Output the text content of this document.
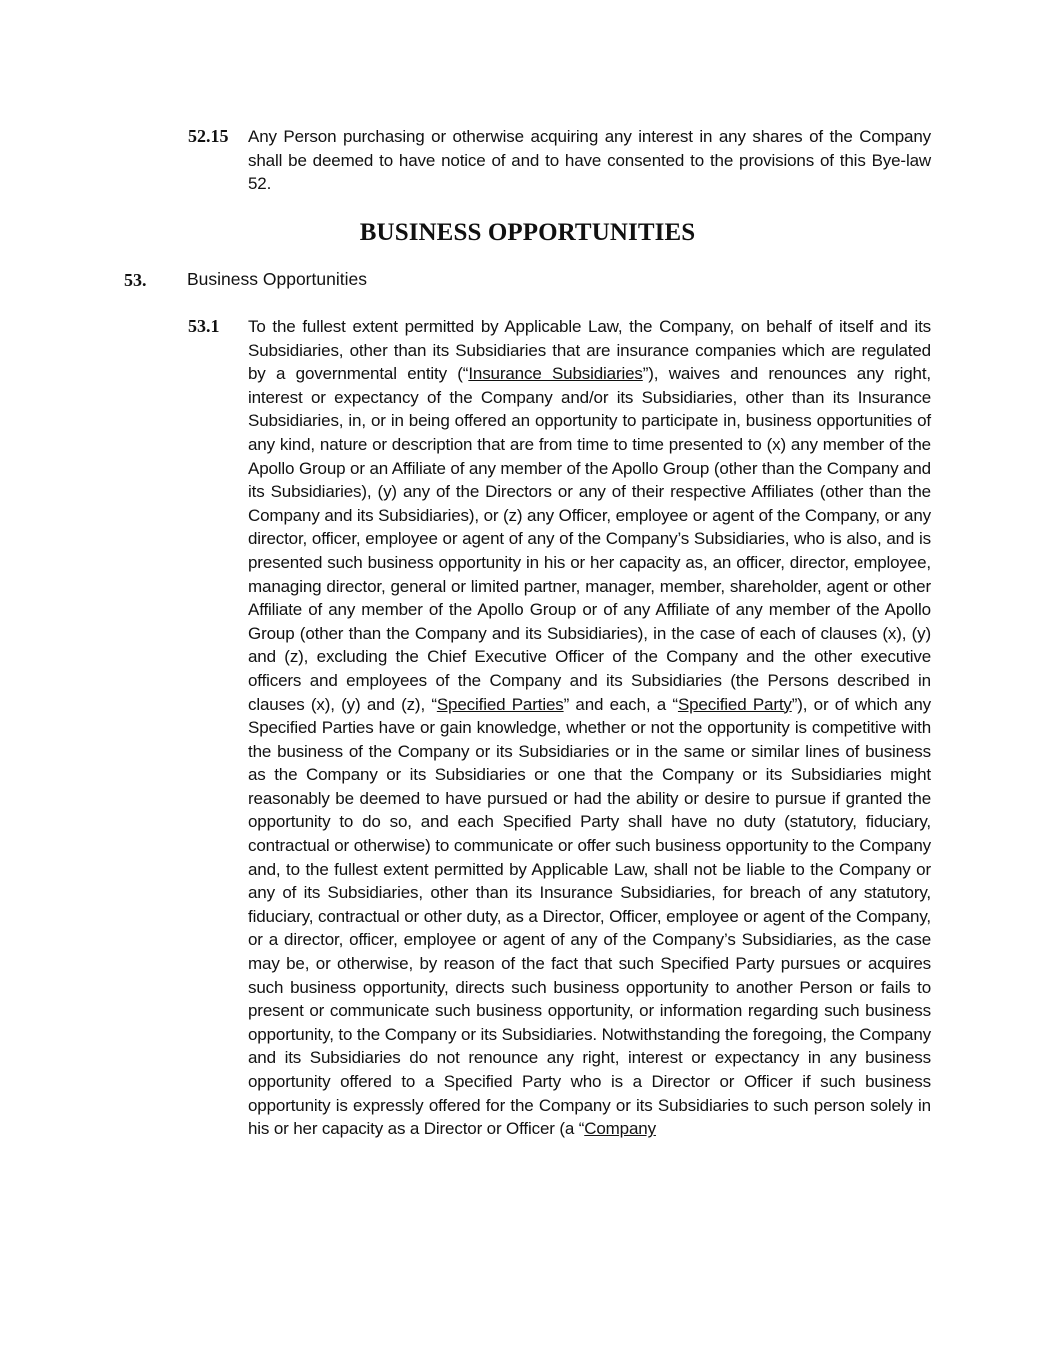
52.15 Any Person purchasing or otherwise acquiring any interest in any shares of the Company shall be deemed to have notice of and to have consented to the provisions of this Bye-law 52.
BUSINESS OPPORTUNITIES
53. Business Opportunities
53.1 To the fullest extent permitted by Applicable Law, the Company, on behalf of itself and its Subsidiaries, other than its Subsidiaries that are insurance companies which are regulated by a governmental entity (“Insurance Subsidiaries”), waives and renounces any right, interest or expectancy of the Company and/or its Subsidiaries, other than its Insurance Subsidiaries, in, or in being offered an opportunity to participate in, business opportunities of any kind, nature or description that are from time to time presented to (x) any member of the Apollo Group or an Affiliate of any member of the Apollo Group (other than the Company and its Subsidiaries), (y) any of the Directors or any of their respective Affiliates (other than the Company and its Subsidiaries), or (z) any Officer, employee or agent of the Company, or any director, officer, employee or agent of any of the Company’s Subsidiaries, who is also, and is presented such business opportunity in his or her capacity as, an officer, director, employee, managing director, general or limited partner, manager, member, shareholder, agent or other Affiliate of any member of the Apollo Group or of any Affiliate of any member of the Apollo Group (other than the Company and its Subsidiaries), in the case of each of clauses (x), (y) and (z), excluding the Chief Executive Officer of the Company and the other executive officers and employees of the Company and its Subsidiaries (the Persons described in clauses (x), (y) and (z), “Specified Parties” and each, a “Specified Party”), or of which any Specified Parties have or gain knowledge, whether or not the opportunity is competitive with the business of the Company or its Subsidiaries or in the same or similar lines of business as the Company or its Subsidiaries or one that the Company or its Subsidiaries might reasonably be deemed to have pursued or had the ability or desire to pursue if granted the opportunity to do so, and each Specified Party shall have no duty (statutory, fiduciary, contractual or otherwise) to communicate or offer such business opportunity to the Company and, to the fullest extent permitted by Applicable Law, shall not be liable to the Company or any of its Subsidiaries, other than its Insurance Subsidiaries, for breach of any statutory, fiduciary, contractual or other duty, as a Director, Officer, employee or agent of the Company, or a director, officer, employee or agent of any of the Company’s Subsidiaries, as the case may be, or otherwise, by reason of the fact that such Specified Party pursues or acquires such business opportunity, directs such business opportunity to another Person or fails to present or communicate such business opportunity, or information regarding such business opportunity, to the Company or its Subsidiaries. Notwithstanding the foregoing, the Company and its Subsidiaries do not renounce any right, interest or expectancy in any business opportunity offered to a Specified Party who is a Director or Officer if such business opportunity is expressly offered for the Company or its Subsidiaries to such person solely in his or her capacity as a Director or Officer (a “Company
